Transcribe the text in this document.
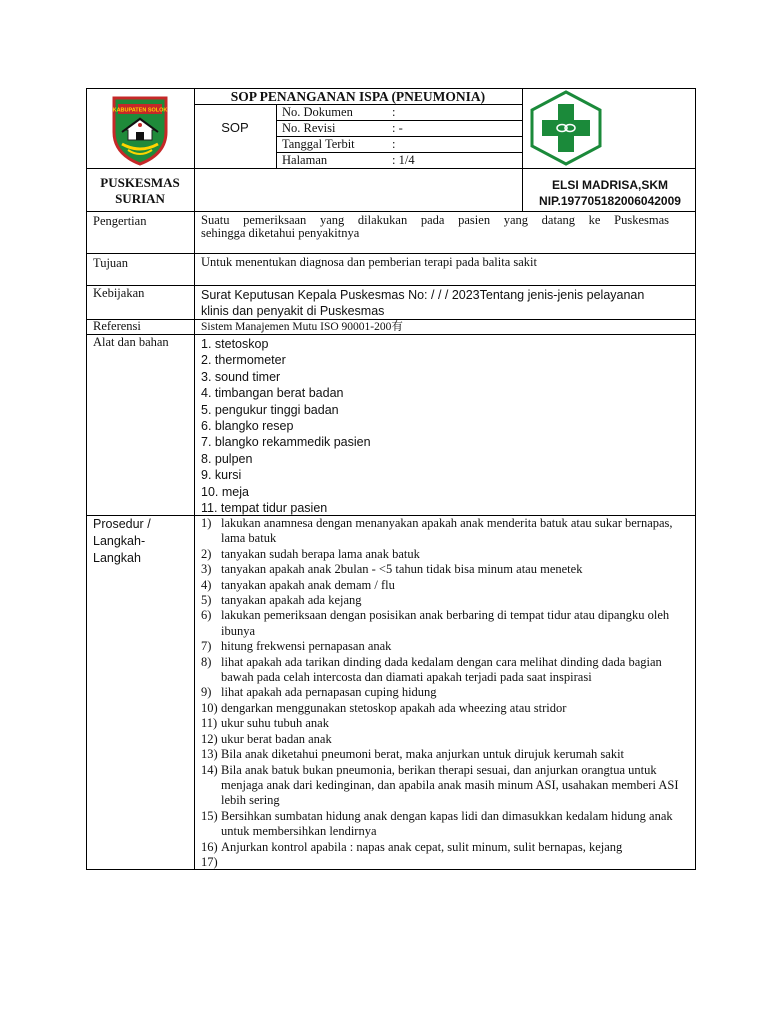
KABUPATEN SOLOK
SOP PENANGANAN ISPA (PNEUMONIA)
SOP
No. Dokumen	:
No. Revisi	: -
Tanggal Terbit	:
Halaman	: 1/4
PUSKESMAS
SURIAN
ELSI MADRISA,SKM
NIP.197705182006042009
Pengertian	Suatu pemeriksaan yang dilakukan pada pasien yang datang ke Puskesmas
sehingga diketahui penyakitnya
Tujuan	Untuk menentukan diagnosa dan pemberian terapi pada balita sakit
Kebijakan	Surat Keputusan Kepala Puskesmas No: / / / 2023Tentang jenis-jenis pelayanan
klinis dan penyakit di Puskesmas
Referensi	Sistem Manajemen Mutu ISO 90001-200有
Alat dan bahan	1. stetoskop
2. thermometer
3. sound timer
4. timbangan berat badan
5. pengukur tinggi badan
6. blangko resep
7. blangko rekammedik pasien
8. pulpen
9. kursi
10. meja
11. tempat tidur pasien
Prosedur /
Langkah-
Langkah
1) lakukan anamnesa dengan menanyakan apakah anak menderita batuk atau sukar bernapas, lama batuk
2) tanyakan sudah berapa lama anak batuk
3) tanyakan apakah anak 2bulan - <5 tahun tidak bisa minum atau menetek
4) tanyakan apakah anak demam / flu
5) tanyakan apakah ada kejang
6) lakukan pemeriksaan dengan posisikan anak berbaring di tempat tidur atau dipangku oleh ibunya
7) hitung frekwensi pernapasan anak
8) lihat apakah ada tarikan dinding dada kedalam dengan cara melihat dinding dada bagian bawah pada celah intercosta dan diamati apakah terjadi pada saat inspirasi
9) lihat apakah ada pernapasan cuping hidung
10) dengarkan menggunakan stetoskop apakah ada wheezing atau stridor
11) ukur suhu tubuh anak
12) ukur berat badan anak
13) Bila anak diketahui pneumoni berat, maka anjurkan untuk dirujuk kerumah sakit
14) Bila anak batuk bukan pneumonia, berikan therapi sesuai, dan anjurkan orangtua untuk menjaga anak dari kedinginan, dan apabila anak masih minum ASI, usahakan memberi ASI lebih sering
15) Bersihkan sumbatan hidung anak dengan kapas lidi dan dimasukkan kedalam hidung anak untuk membersihkan lendirnya
16) Anjurkan kontrol apabila : napas anak cepat, sulit minum, sulit bernapas, kejang
17)
